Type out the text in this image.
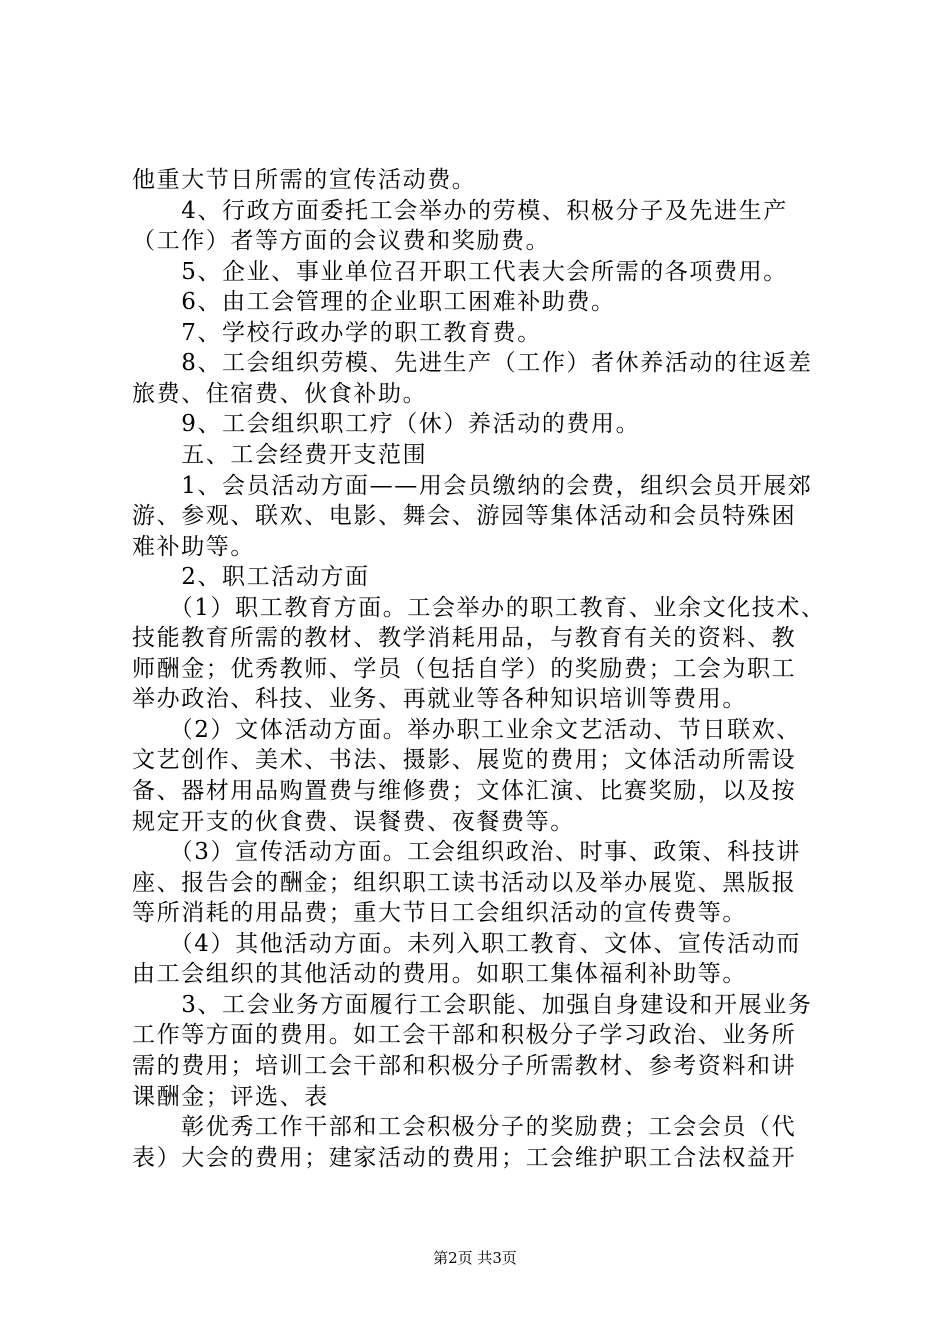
他重大节日所需的宣传活动费。
　　4、行政方面委托工会举办的劳模、积极分子及先进生产
（工作）者等方面的会议费和奖励费。
　　5、企业、事业单位召开职工代表大会所需的各项费用。
　　6、由工会管理的企业职工困难补助费。
　　7、学校行政办学的职工教育费。
　　8、工会组织劳模、先进生产（工作）者休养活动的往返差
旅费、住宿费、伙食补助。
　　9、工会组织职工疗（休）养活动的费用。
　　五、工会经费开支范围
　　1、会员活动方面——用会员缴纳的会费，组织会员开展郊
游、参观、联欢、电影、舞会、游园等集体活动和会员特殊困
难补助等。
　　2、职工活动方面
　　（1）职工教育方面。工会举办的职工教育、业余文化技术、
技能教育所需的教材、教学消耗用品，与教育有关的资料、教
师酬金；优秀教师、学员（包括自学）的奖励费；工会为职工
举办政治、科技、业务、再就业等各种知识培训等费用。
　　（2）文体活动方面。举办职工业余文艺活动、节日联欢、
文艺创作、美术、书法、摄影、展览的费用；文体活动所需设
备、器材用品购置费与维修费；文体汇演、比赛奖励，以及按
规定开支的伙食费、误餐费、夜餐费等。
　　（3）宣传活动方面。工会组织政治、时事、政策、科技讲
座、报告会的酬金；组织职工读书活动以及举办展览、黑版报
等所消耗的用品费；重大节日工会组织活动的宣传费等。
　　（4）其他活动方面。未列入职工教育、文体、宣传活动而
由工会组织的其他活动的费用。如职工集体福利补助等。
　　3、工会业务方面履行工会职能、加强自身建设和开展业务
工作等方面的费用。如工会干部和积极分子学习政治、业务所
需的费用；培训工会干部和积极分子所需教材、参考资料和讲
课酬金；评选、表
　　彰优秀工作干部和工会积极分子的奖励费；工会会员（代
表）大会的费用；建家活动的费用；工会维护职工合法权益开
第2页 共3页
